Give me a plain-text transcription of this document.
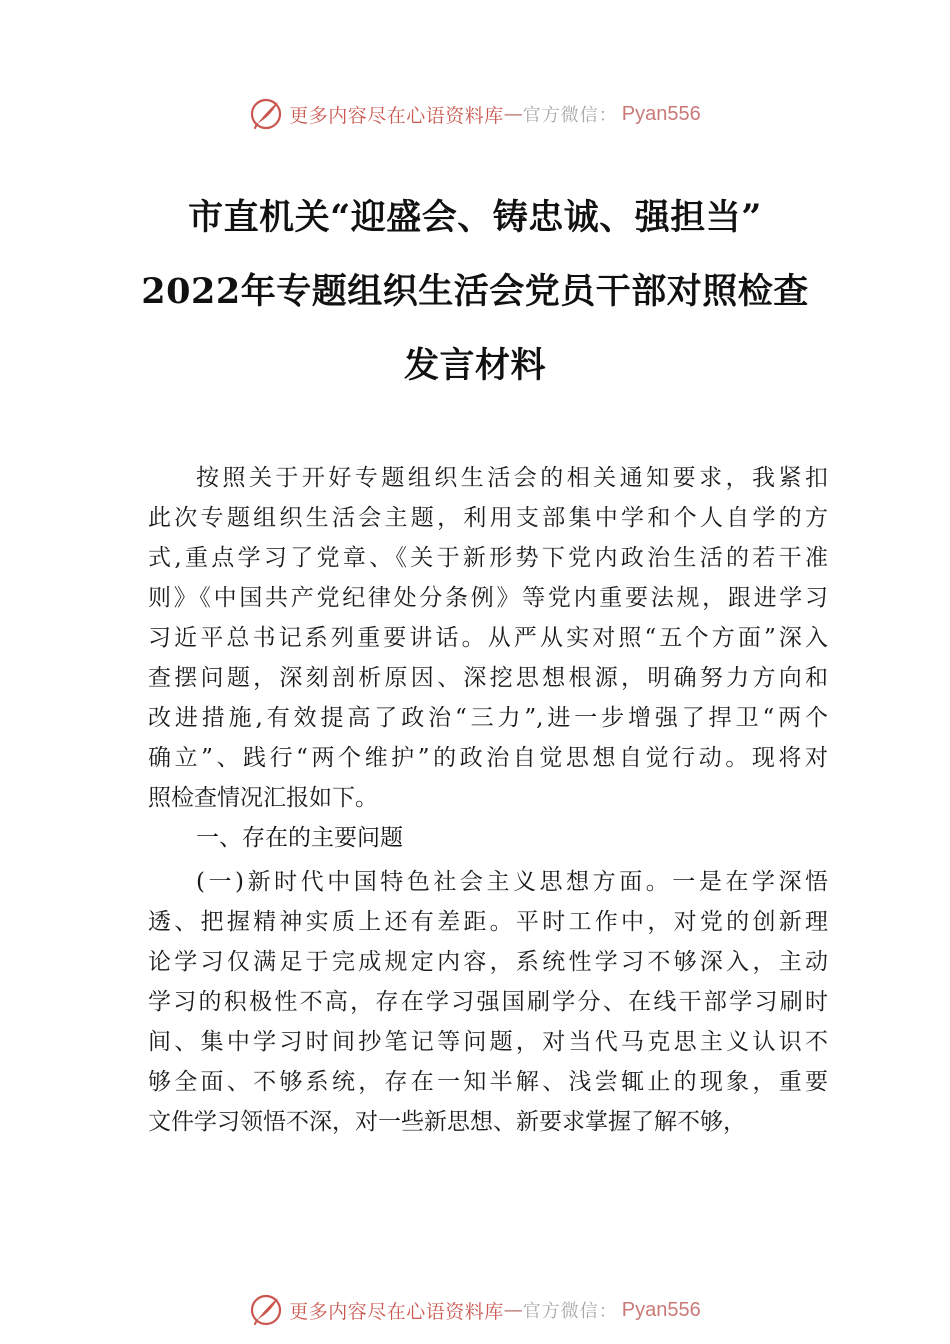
更多内容尽在心语资料库 — 官方微信： Pyan556
市直机关“迎盛会、铸忠诚、强担当”
2022年专题组织生活会党员干部对照检查
发言材料
按照关于开好专题组织生活会的相关通知要求，我紧扣
此次专题组织生活会主题，利用支部集中学和个人自学的方
式,重点学习了党章、《关于新形势下党内政治生活的若干准
则》《中国共产党纪律处分条例》等党内重要法规，跟进学习
习近平总书记系列重要讲话。从严从实对照“五个方面”深入
查摆问题，深刻剖析原因、深挖思想根源，明确努力方向和
改进措施,有效提高了政治“三力”,进一步增强了捍卫“两个
确立”、践行“两个维护”的政治自觉思想自觉行动。现将对
照检查情况汇报如下。
一、存在的主要问题
(一)新时代中国特色社会主义思想方面。一是在学深悟
透、把握精神实质上还有差距。平时工作中，对党的创新理
论学习仅满足于完成规定内容，系统性学习不够深入，主动
学习的积极性不高，存在学习强国刷学分、在线干部学习刷时
间、集中学习时间抄笔记等问题，对当代马克思主义认识不
够全面、不够系统，存在一知半解、浅尝辄止的现象，重要
文件学习领悟不深，对一些新思想、新要求掌握了解不够，
更多内容尽在心语资料库 — 官方微信： Pyan556
